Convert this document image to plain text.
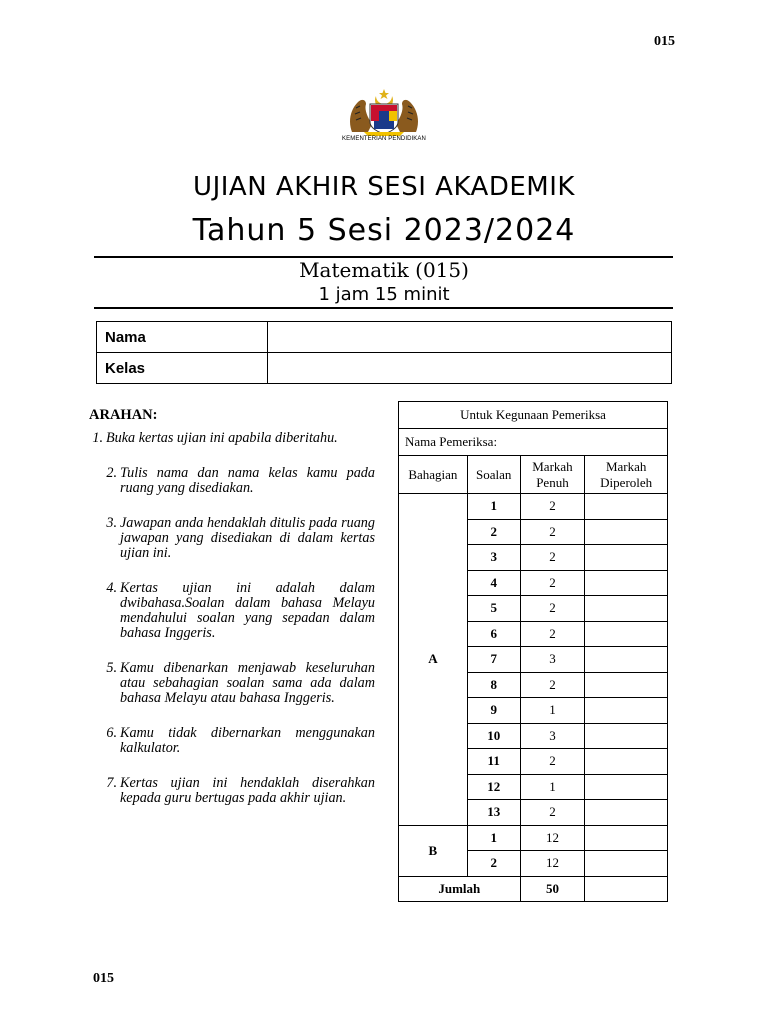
015
KEMENTERIAN PENDIDIKAN
UJIAN AKHIR SESI AKADEMIK
Tahun 5 Sesi 2023/2024
Matematik (015)
1 jam 15 minit
Nama	
Kelas	
ARAHAN:
1. Buka kertas ujian ini apabila diberitahu.
2. Tulis nama dan nama kelas kamu pada ruang yang disediakan.
3. Jawapan anda hendaklah ditulis pada ruang jawapan yang disediakan di dalam kertas ujian ini.
4. Kertas ujian ini adalah dalam dwibahasa.Soalan dalam bahasa Melayu mendahului soalan yang sepadan dalam bahasa Inggeris.
5. Kamu dibenarkan menjawab keseluruhan atau sebahagian soalan sama ada dalam bahasa Melayu atau bahasa Inggeris.
6. Kamu tidak dibernarkan menggunakan kalkulator.
7. Kertas ujian ini hendaklah diserahkan kepada guru bertugas pada akhir ujian.
Untuk Kegunaan Pemeriksa			
Nama Pemeriksa:			
Bahagian	Soalan	Markah Penuh	Markah Diperoleh
A	1	2	
	2	2	
	3	2	
	4	2	
	5	2	
	6	2	
	7	3	
	8	2	
	9	1	
	10	3	
	11	2	
	12	1	
	13	2	
B	1	12	
	2	12	
Jumlah		50	
015
